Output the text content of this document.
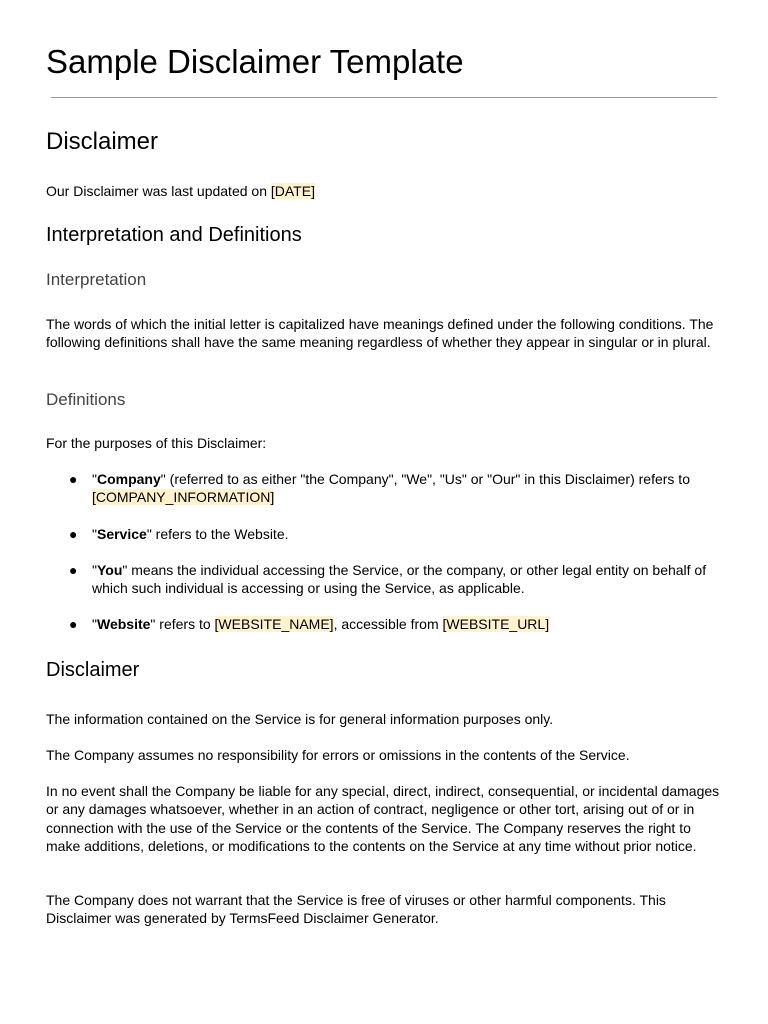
Sample Disclaimer Template
Disclaimer

Our Disclaimer was last updated on [DATE]

Interpretation and Definitions
Interpretation

The words of which the initial letter is capitalized have meanings defined under the following conditions. The following definitions shall have the same meaning regardless of whether they appear in singular or in plural.

Definitions

For the purposes of this Disclaimer:

● "Company" (referred to as either "the Company", "We", "Us" or "Our" in this Disclaimer) refers to [COMPANY_INFORMATION]
● "Service" refers to the Website.
● "You" means the individual accessing the Service, or the company, or other legal entity on behalf of which such individual is accessing or using the Service, as applicable.
● "Website" refers to [WEBSITE_NAME], accessible from [WEBSITE_URL]
Disclaimer

The information contained on the Service is for general information purposes only.

The Company assumes no responsibility for errors or omissions in the contents of the Service.

In no event shall the Company be liable for any special, direct, indirect, consequential, or incidental damages or any damages whatsoever, whether in an action of contract, negligence or other tort, arising out of or in connection with the use of the Service or the contents of the Service. The Company reserves the right to make additions, deletions, or modifications to the contents on the Service at any time without prior notice.

The Company does not warrant that the Service is free of viruses or other harmful components. This Disclaimer was generated by TermsFeed Disclaimer Generator.
